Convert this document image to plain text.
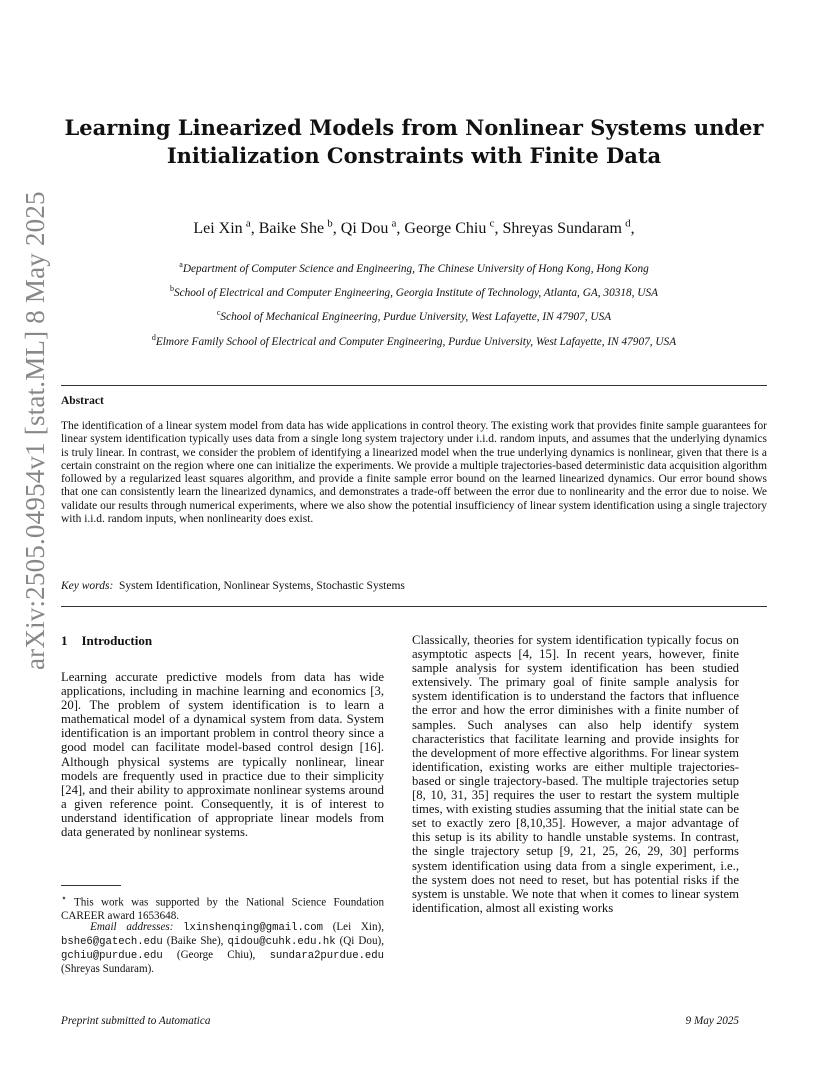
arXiv:2505.04954v1 [stat.ML] 8 May 2025
Learning Linearized Models from Nonlinear Systems under
Initialization Constraints with Finite Data
Lei Xin  $^a$, Baike She  $^b$, Qi Dou  $^a$, George Chiu  $^c$, Shreyas Sundaram  $^d$,
$^a$Department of Computer Science and Engineering, The Chinese University of Hong Kong, Hong Kong
$^b$School of Electrical and Computer Engineering, Georgia Institute of Technology, Atlanta, GA, 30318, USA
$^c$School of Mechanical Engineering, Purdue University, West Lafayette, IN 47907, USA
$^d$Elmore Family School of Electrical and Computer Engineering, Purdue University, West Lafayette, IN 47907, USA
Abstract
The identification of a linear system model from data has wide applications in control theory. The existing work that provides finite sample guarantees for linear system identification typically uses data from a single long system trajectory under i.i.d. random inputs, and assumes that the underlying dynamics is truly linear. In contrast, we consider the problem of identifying a linearized model when the true underlying dynamics is nonlinear, given that there is a certain constraint on the region where one can initialize the experiments. We provide a multiple trajectories-based deterministic data acquisition algorithm followed by a regularized least squares algorithm, and provide a finite sample error bound on the learned linearized dynamics. Our error bound shows that one can consistently learn the linearized dynamics, and demonstrates a trade-off between the error due to nonlinearity and the error due to noise. We validate our results through numerical experiments, where we also show the potential insufficiency of linear system identification using a single trajectory with i.i.d. random inputs, when nonlinearity does exist.
Key words: System Identification, Nonlinear Systems, Stochastic Systems
1 Introduction
Learning accurate predictive models from data has wide applications, including in machine learning and economics [3, 20]. The problem of system identification is to learn a mathematical model of a dynamical system from data. System identification is an important problem in control theory since a good model can facilitate model-based control design [16]. Although physical systems are typically nonlinear, linear models are frequently used in practice due to their simplicity [24], and their ability to approximate nonlinear systems around a given reference point. Consequently, it is of interest to understand identification of appropriate linear models from data generated by nonlinear systems.
Classically, theories for system identification typically focus on asymptotic aspects [4, 15]. In recent years, however, finite sample analysis for system identification has been studied extensively. The primary goal of finite sample analysis for system identification is to understand the factors that influence the error and how the error diminishes with a finite number of samples. Such analyses can also help identify system characteristics that facilitate learning and provide insights for the development of more effective algorithms. For linear system identification, existing works are either multiple trajectories-based or single trajectory-based. The multiple trajectories setup [8, 10, 31, 35] requires the user to restart the system multiple times, with existing studies assuming that the initial state can be set to exactly zero [8,10,35]. However, a major advantage of this setup is its ability to handle unstable systems. In contrast, the single trajectory setup [9, 21, 25, 26, 29, 30] performs system identification using data from a single experiment, i.e., the system does not need to reset, but has potential risks if the system is unstable. We note that when it comes to linear system identification, almost all existing works
⋆ This work was supported by the National Science Foundation CAREER award 1653648.
Email addresses: lxinshenqing@gmail.com (Lei Xin), bshe6@gatech.edu (Baike She), qidou@cuhk.edu.hk (Qi Dou), gchiu@purdue.edu (George Chiu), sundara2purdue.edu (Shreyas Sundaram).
Preprint submitted to Automatica	9 May 2025
